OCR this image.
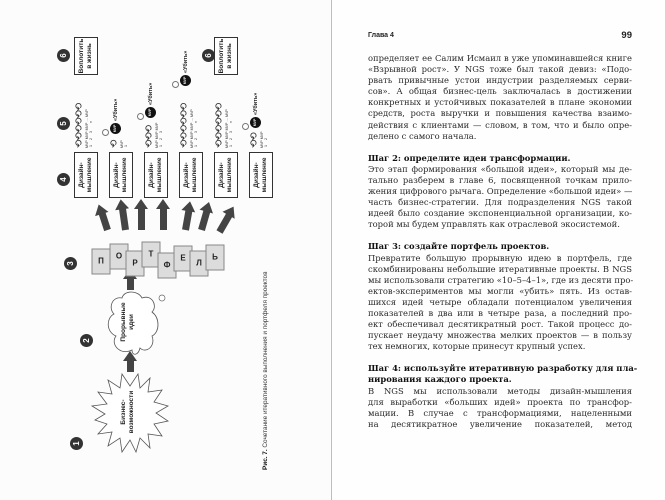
1
2
3
4
5
6	6
Бизнес- возможности
Прорывные идеи
П
О
Р
Т
Ф
Е
Л
Ь
Дизайн- мышление	Дизайн- мышление	Дизайн- мышление	Дизайн- мышление	Дизайн- мышление	Дизайн- мышление
⟲⟲⟲⟲⟲⟲ MVP MVP MVP … MVP
1     2     3        n ⟲ MVP
1
MVP
«Убить»
⟲⟲⟲ MVP MVP MVP
1     2     3
MVP
«Убить»
⟲⟲⟲⟲⟲⟲ MVP MVP MVP … MVP
1     2     3        n
MVP
«Убить»
⟲⟲⟲⟲⟲⟲ MVP MVP MVP … MVP
1     2     3        n ⟲⟲ MVP MVP
1     2
MVP
«Убить»
Воплотить в жизнь	Воплотить в жизнь
Рис. 7. Сочетание итеративного выполнения и портфеля проектов
Глава 4	99
определяет ее Салим Исмаил в уже упоминавшейся книге
«Взрывной рост». У NGS тоже был такой девиз: «Подо-
рвать привычные устои индустрии разделяемых серви-
сов». А общая бизнес-цель заключалась в достижении
конкретных и устойчивых показателей в плане экономии
средств, роста выручки и повышения качества взаимо-
действия с клиентами — словом, в том, что и было опре-
делено с самого начала.
Шаг 2: определите идеи трансформации.
Это этап формирования «большой идеи», который мы де-
тально разберем в главе 6, посвященной точкам прило-
жения цифрового рычага. Определение «большой идеи» —
часть бизнес-стратегии. Для подразделения NGS такой
идеей было создание экспоненциальной организации, ко-
торой мы будем управлять как отраслевой экосистемой.
Шаг 3: создайте портфель проектов.
Превратите большую прорывную идею в портфель, где
скомбинированы небольшие итеративные проекты. В NGS
мы использовали стратегию «10–5–4–1», где из десяти про-
ектов-экспериментов мы могли «убить» пять. Из остав-
шихся идей четыре обладали потенциалом увеличения
показателей в два или в четыре раза, а последний про-
ект обеспечивал десятикратный рост. Такой процесс до-
пускает неудачу множества мелких проектов — в пользу
тех немногих, которые принесут крупный успех.
Шаг 4: используйте итеративную разработку для пла-
нирования каждого проекта.
В NGS мы использовали методы дизайн-мышления
для выработки «больших идей» проекта по трансфор-
мации. В случае с трансформациями, нацеленными
на десятикратное увеличение показателей, метод
